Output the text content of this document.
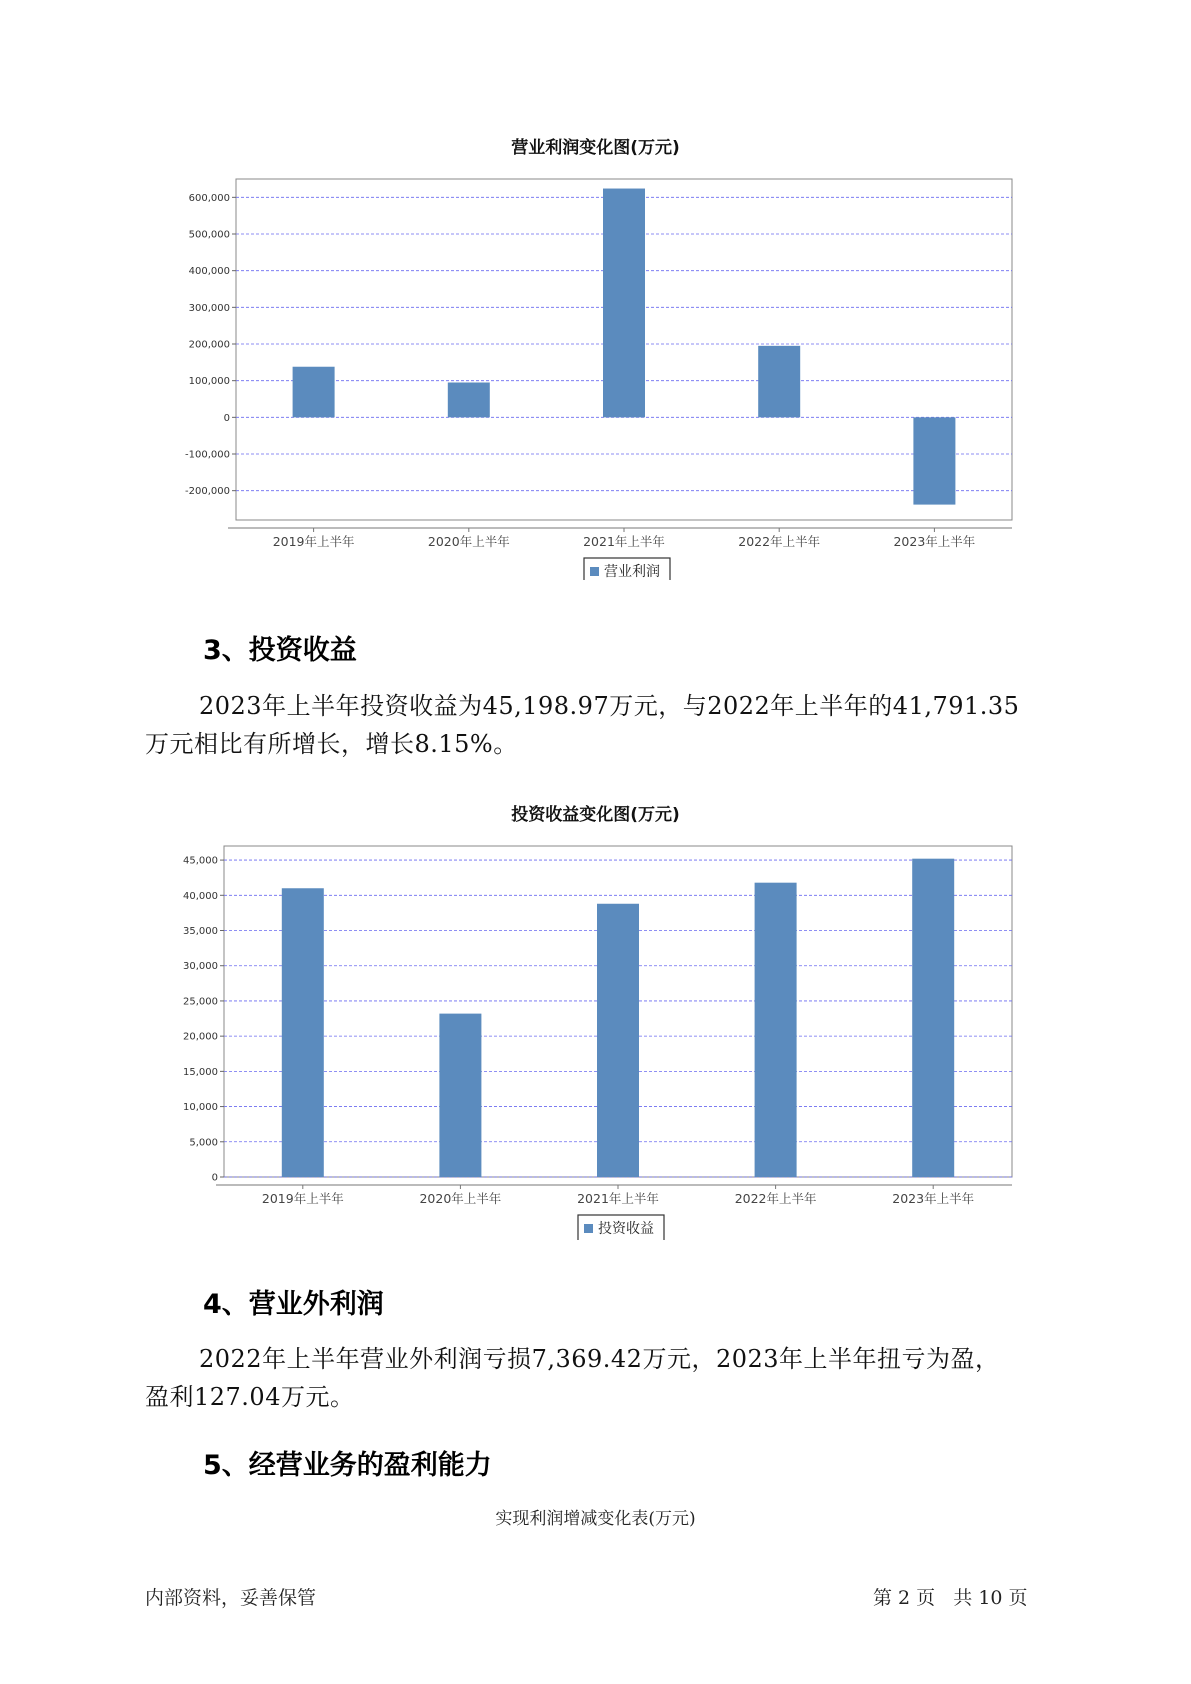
营业利润变化图(万元)
600,000
500,000
400,000
300,000
200,000
100,000
0
-100,000
-200,000
2019年上半年	2020年上半年	2021年上半年	2022年上半年	2023年上半年
营业利润
3、投资收益
2023年上半年投资收益为45,198.97万元，与2022年上半年的41,791.35
万元相比有所增长，增长8.15%。
投资收益变化图(万元)
45,000
40,000
35,000
30,000
25,000
20,000
15,000
10,000
5,000
0
2019年上半年	2020年上半年	2021年上半年	2022年上半年	2023年上半年
投资收益
4、营业外利润
2022年上半年营业外利润亏损7,369.42万元，2023年上半年扭亏为盈，
盈利127.04万元。
5、经营业务的盈利能力
实现利润增减变化表(万元)
内部资料，妥善保管	第 2 页   共 10 页
